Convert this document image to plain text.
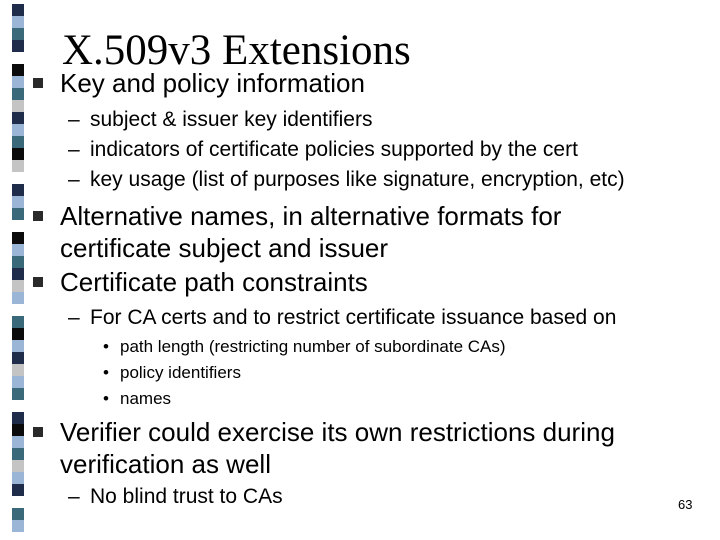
X.509v3 Extensions
Key and policy information
– subject & issuer key identifiers
– indicators of certificate policies supported by the cert
– key usage (list of purposes like signature, encryption, etc)
Alternative names, in alternative formats for certificate subject and issuer
Certificate path constraints
– For CA certs and to restrict certificate issuance based on
• path length (restricting number of subordinate CAs)
• policy identifiers
• names
Verifier could exercise its own restrictions during verification as well
– No blind trust to CAs	63
